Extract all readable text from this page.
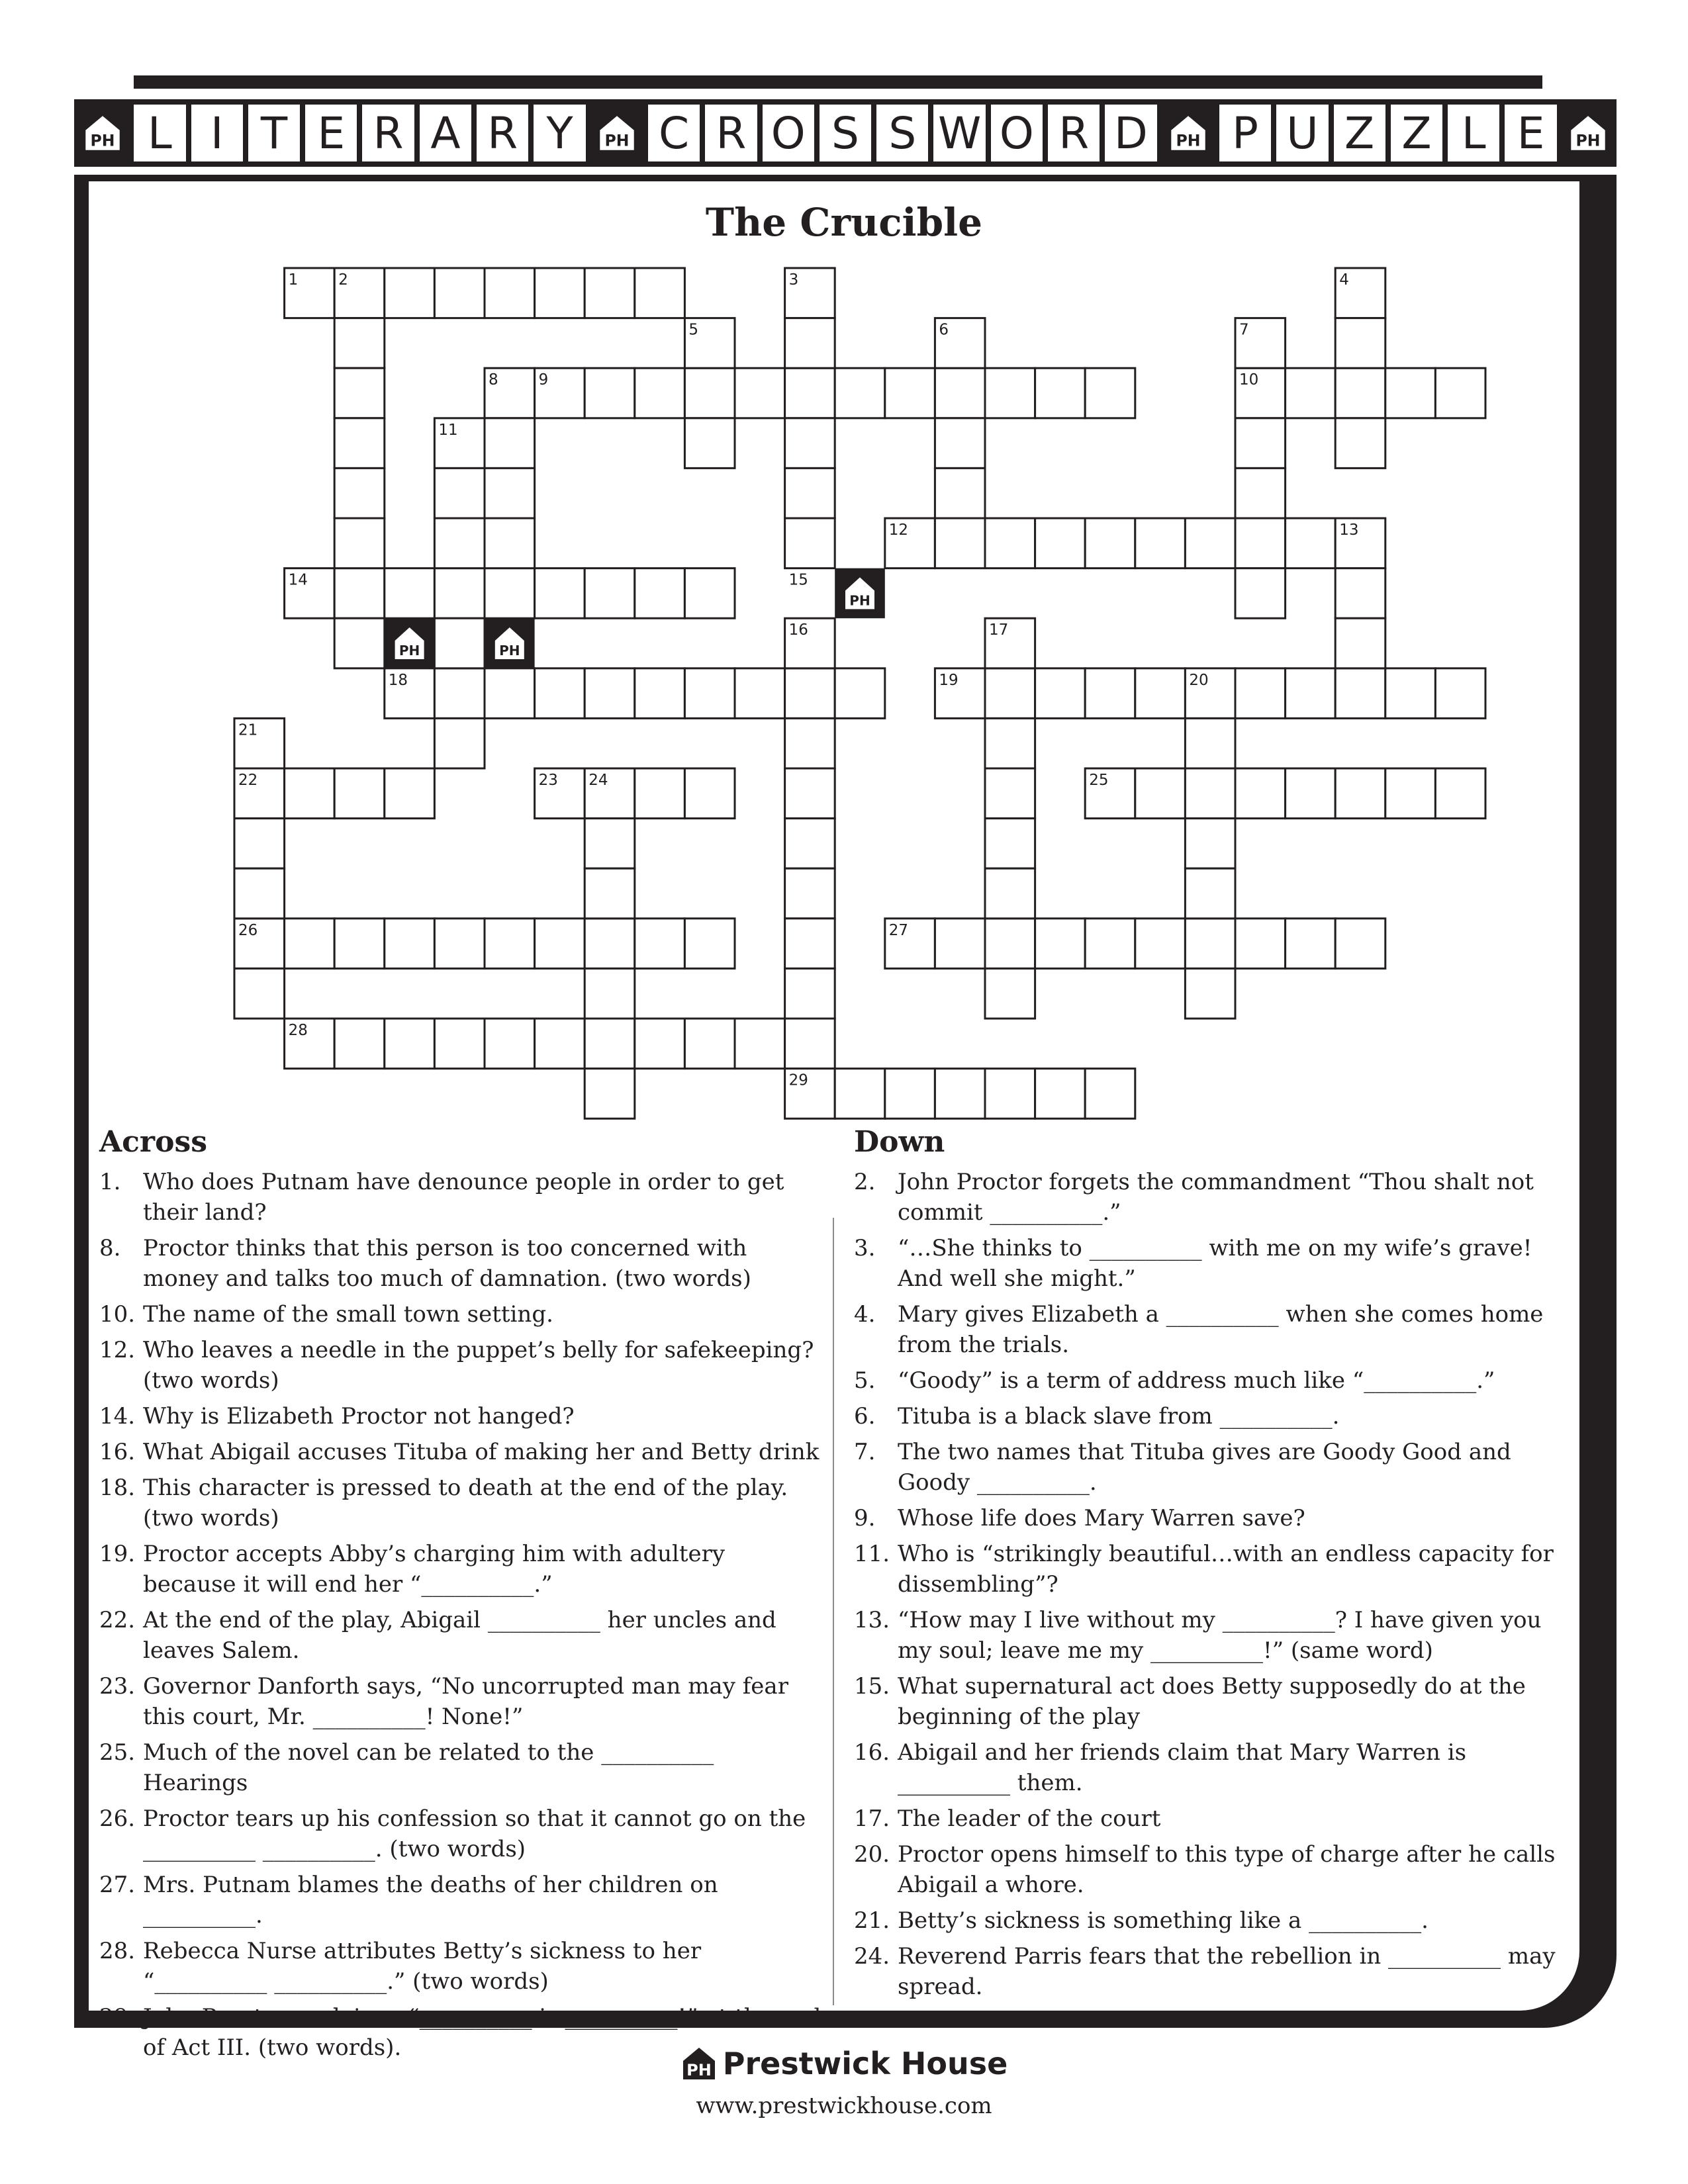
PH L I T E R A R Y	PH C R O S S W O R D	PH P U Z Z L E	PH
The Crucible
PH	PH
PH
1	2	3	4
5	6	7
8	9	10
11
12	13
14	15
16	17
18	19	20
21
22	23 24	25
26	27
28
29
Across
1. Who does Putnam have denounce people in order to get their land?
8. Proctor thinks that this person is too concerned with money and talks too much of damnation. (two words)
10. The name of the small town setting.
12. Who leaves a needle in the puppet’s belly for safekeeping? (two words)
14. Why is Elizabeth Proctor not hanged?
16. What Abigail accuses Tituba of making her and Betty drink
18. This character is pressed to death at the end of the play. (two words)
19. Proctor accepts Abby’s charging him with adultery because it will end her “__________.”
22. At the end of the play, Abigail __________ her uncles and leaves Salem.
23. Governor Danforth says, “No uncorrupted man may fear this court, Mr. __________! None!”
25. Much of the novel can be related to the __________ Hearings
26. Proctor tears up his confession so that it cannot go on the __________ __________. (two words)
27. Mrs. Putnam blames the deaths of her children on __________.
28. Rebecca Nurse attributes Betty’s sickness to her “__________ __________.” (two words)
29. John Proctor exclaims, “__________ is __________!” at the end of Act III. (two words).
Down
2. John Proctor forgets the commandment “Thou shalt not commit __________.”
3. “…She thinks to __________ with me on my wife’s grave! And well she might.”
4. Mary gives Elizabeth a __________ when she comes home from the trials.
5. “Goody” is a term of address much like “__________.”
6. Tituba is a black slave from __________.
7. The two names that Tituba gives are Goody Good and Goody __________.
9. Whose life does Mary Warren save?
11. Who is “strikingly beautiful…with an endless capacity for dissembling”?
13. “How may I live without my __________? I have given you my soul; leave me my __________!” (same word)
15. What supernatural act does Betty supposedly do at the beginning of the play
16. Abigail and her friends claim that Mary Warren is __________ them.
17. The leader of the court
20. Proctor opens himself to this type of charge after he calls Abigail a whore.
21. Betty’s sickness is something like a __________.
24. Reverend Parris fears that the rebellion in __________ may spread.
PH Prestwick House
www.prestwickhouse.com
